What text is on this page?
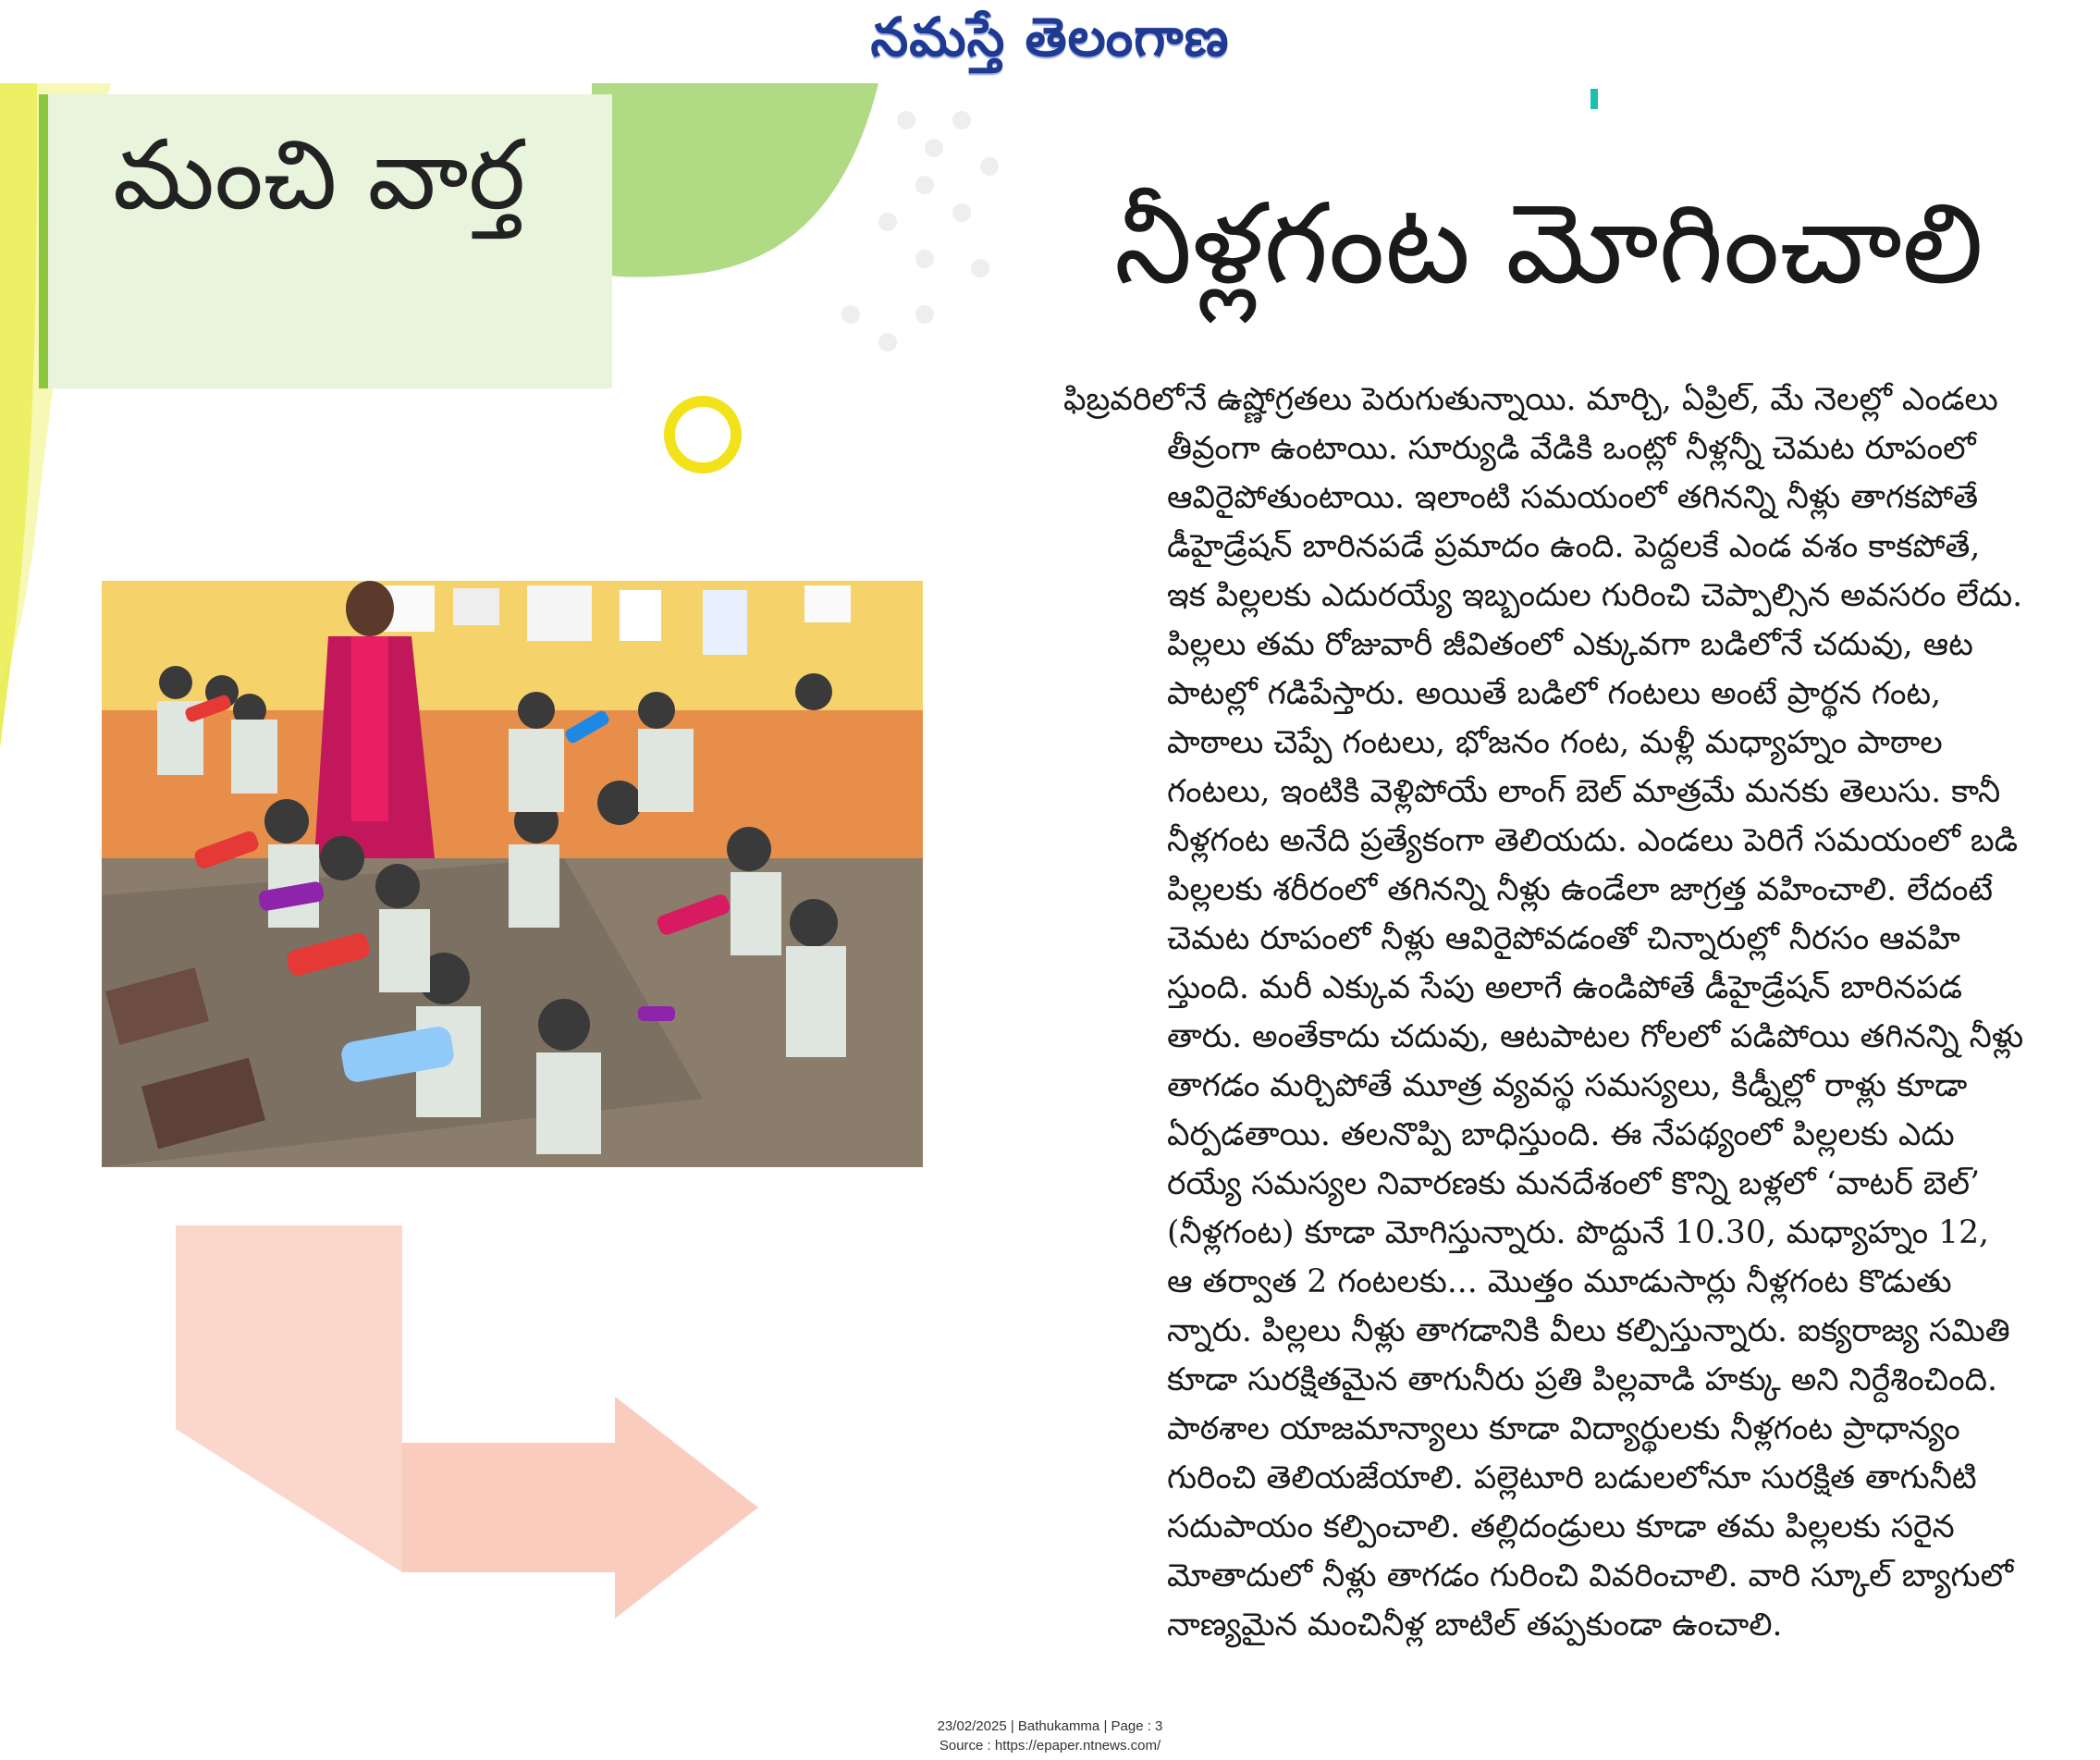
నమస్తే తెలంగాణ
మంచి వార్త
నీళ్లగంట మోగించాలి
ఫిబ్రవరిలోనే ఉష్ణోగ్రతలు పెరుగుతున్నాయి. మార్చి, ఏప్రిల్, మే నెలల్లో ఎండలు
తీవ్రంగా ఉంటాయి. సూర్యుడి వేడికి ఒంట్లో నీళ్లన్నీ చెమట రూపంలో
ఆవిరైపోతుంటాయి. ఇలాంటి సమయంలో తగినన్ని నీళ్లు తాగకపోతే
డీహైడ్రేషన్ బారినపడే ప్రమాదం ఉంది. పెద్దలకే ఎండ వశం కాకపోతే,
ఇక పిల్లలకు ఎదురయ్యే ఇబ్బందుల గురించి చెప్పాల్సిన అవసరం లేదు.
పిల్లలు తమ రోజువారీ జీవితంలో ఎక్కువగా బడిలోనే చదువు, ఆట
పాటల్లో గడిపేస్తారు. అయితే బడిలో గంటలు అంటే ప్రార్థన గంట,
పాఠాలు చెప్పే గంటలు, భోజనం గంట, మళ్లీ మధ్యాహ్నం పాఠాల
గంటలు, ఇంటికి వెళ్లిపోయే లాంగ్ బెల్ మాత్రమే మనకు తెలుసు. కానీ
నీళ్లగంట అనేది ప్రత్యేకంగా తెలియదు. ఎండలు పెరిగే సమయంలో బడి
పిల్లలకు శరీరంలో తగినన్ని నీళ్లు ఉండేలా జాగ్రత్త వహించాలి. లేదంటే
చెమట రూపంలో నీళ్లు ఆవిరైపోవడంతో చిన్నారుల్లో నీరసం ఆవహి
స్తుంది. మరీ ఎక్కువ సేపు అలాగే ఉండిపోతే డీహైడ్రేషన్ బారినపడ
తారు. అంతేకాదు చదువు, ఆటపాటల గోలలో పడిపోయి తగినన్ని నీళ్లు
తాగడం మర్చిపోతే మూత్ర వ్యవస్థ సమస్యలు, కిడ్నీల్లో రాళ్లు కూడా
ఏర్పడతాయి. తలనొప్పి బాధిస్తుంది. ఈ నేపథ్యంలో పిల్లలకు ఎదు
రయ్యే సమస్యల నివారణకు మనదేశంలో కొన్ని బళ్లలో ‘వాటర్ బెల్’
(నీళ్లగంట) కూడా మోగిస్తున్నారు. పొద్దునే 10.30, మధ్యాహ్నం 12,
ఆ తర్వాత 2 గంటలకు... మొత్తం మూడుసార్లు నీళ్లగంట కొడుతు
న్నారు. పిల్లలు నీళ్లు తాగడానికి వీలు కల్పిస్తున్నారు. ఐక్యరాజ్య సమితి
కూడా సురక్షితమైన తాగునీరు ప్రతి పిల్లవాడి హక్కు అని నిర్దేశించింది.
పాఠశాల యాజమాన్యాలు కూడా విద్యార్థులకు నీళ్లగంట ప్రాధాన్యం
గురించి తెలియజేయాలి. పల్లెటూరి బడులలోనూ సురక్షిత తాగునీటి
సదుపాయం కల్పించాలి. తల్లిదండ్రులు కూడా తమ పిల్లలకు సరైన
మోతాదులో నీళ్లు తాగడం గురించి వివరించాలి. వారి స్కూల్ బ్యాగులో
నాణ్యమైన మంచినీళ్ల బాటిల్ తప్పకుండా ఉంచాలి.
23/02/2025 | Bathukamma | Page : 3
Source : https://epaper.ntnews.com/
